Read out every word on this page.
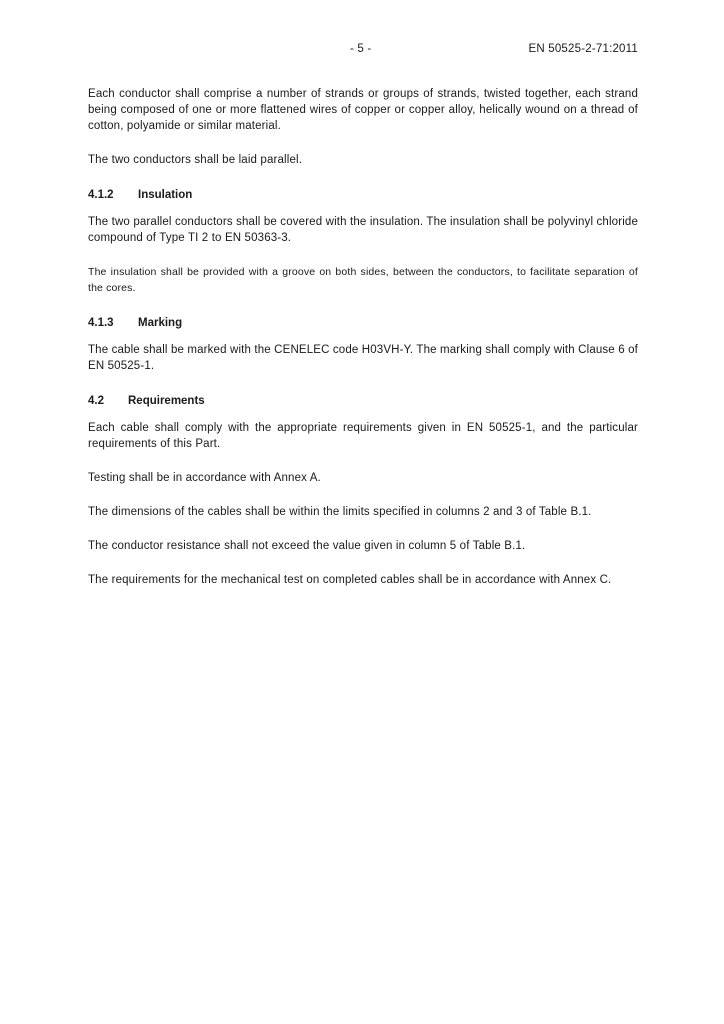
- 5 -	EN 50525-2-71:2011

Each conductor shall comprise a number of strands or groups of strands, twisted together, each strand being composed of one or more flattened wires of copper or copper alloy, helically wound on a thread of cotton, polyamide or similar material.

The two conductors shall be laid parallel.

4.1.2 Insulation

The two parallel conductors shall be covered with the insulation. The insulation shall be polyvinyl chloride compound of Type TI 2 to EN 50363-3.

The insulation shall be provided with a groove on both sides, between the conductors, to facilitate separation of the cores.

4.1.3 Marking

The cable shall be marked with the CENELEC code H03VH-Y. The marking shall comply with Clause 6 of EN 50525-1.

4.2 Requirements

Each cable shall comply with the appropriate requirements given in EN 50525-1, and the particular requirements of this Part.

Testing shall be in accordance with Annex A.

The dimensions of the cables shall be within the limits specified in columns 2 and 3 of Table B.1.

The conductor resistance shall not exceed the value given in column 5 of Table B.1.

The requirements for the mechanical test on completed cables shall be in accordance with Annex C.
